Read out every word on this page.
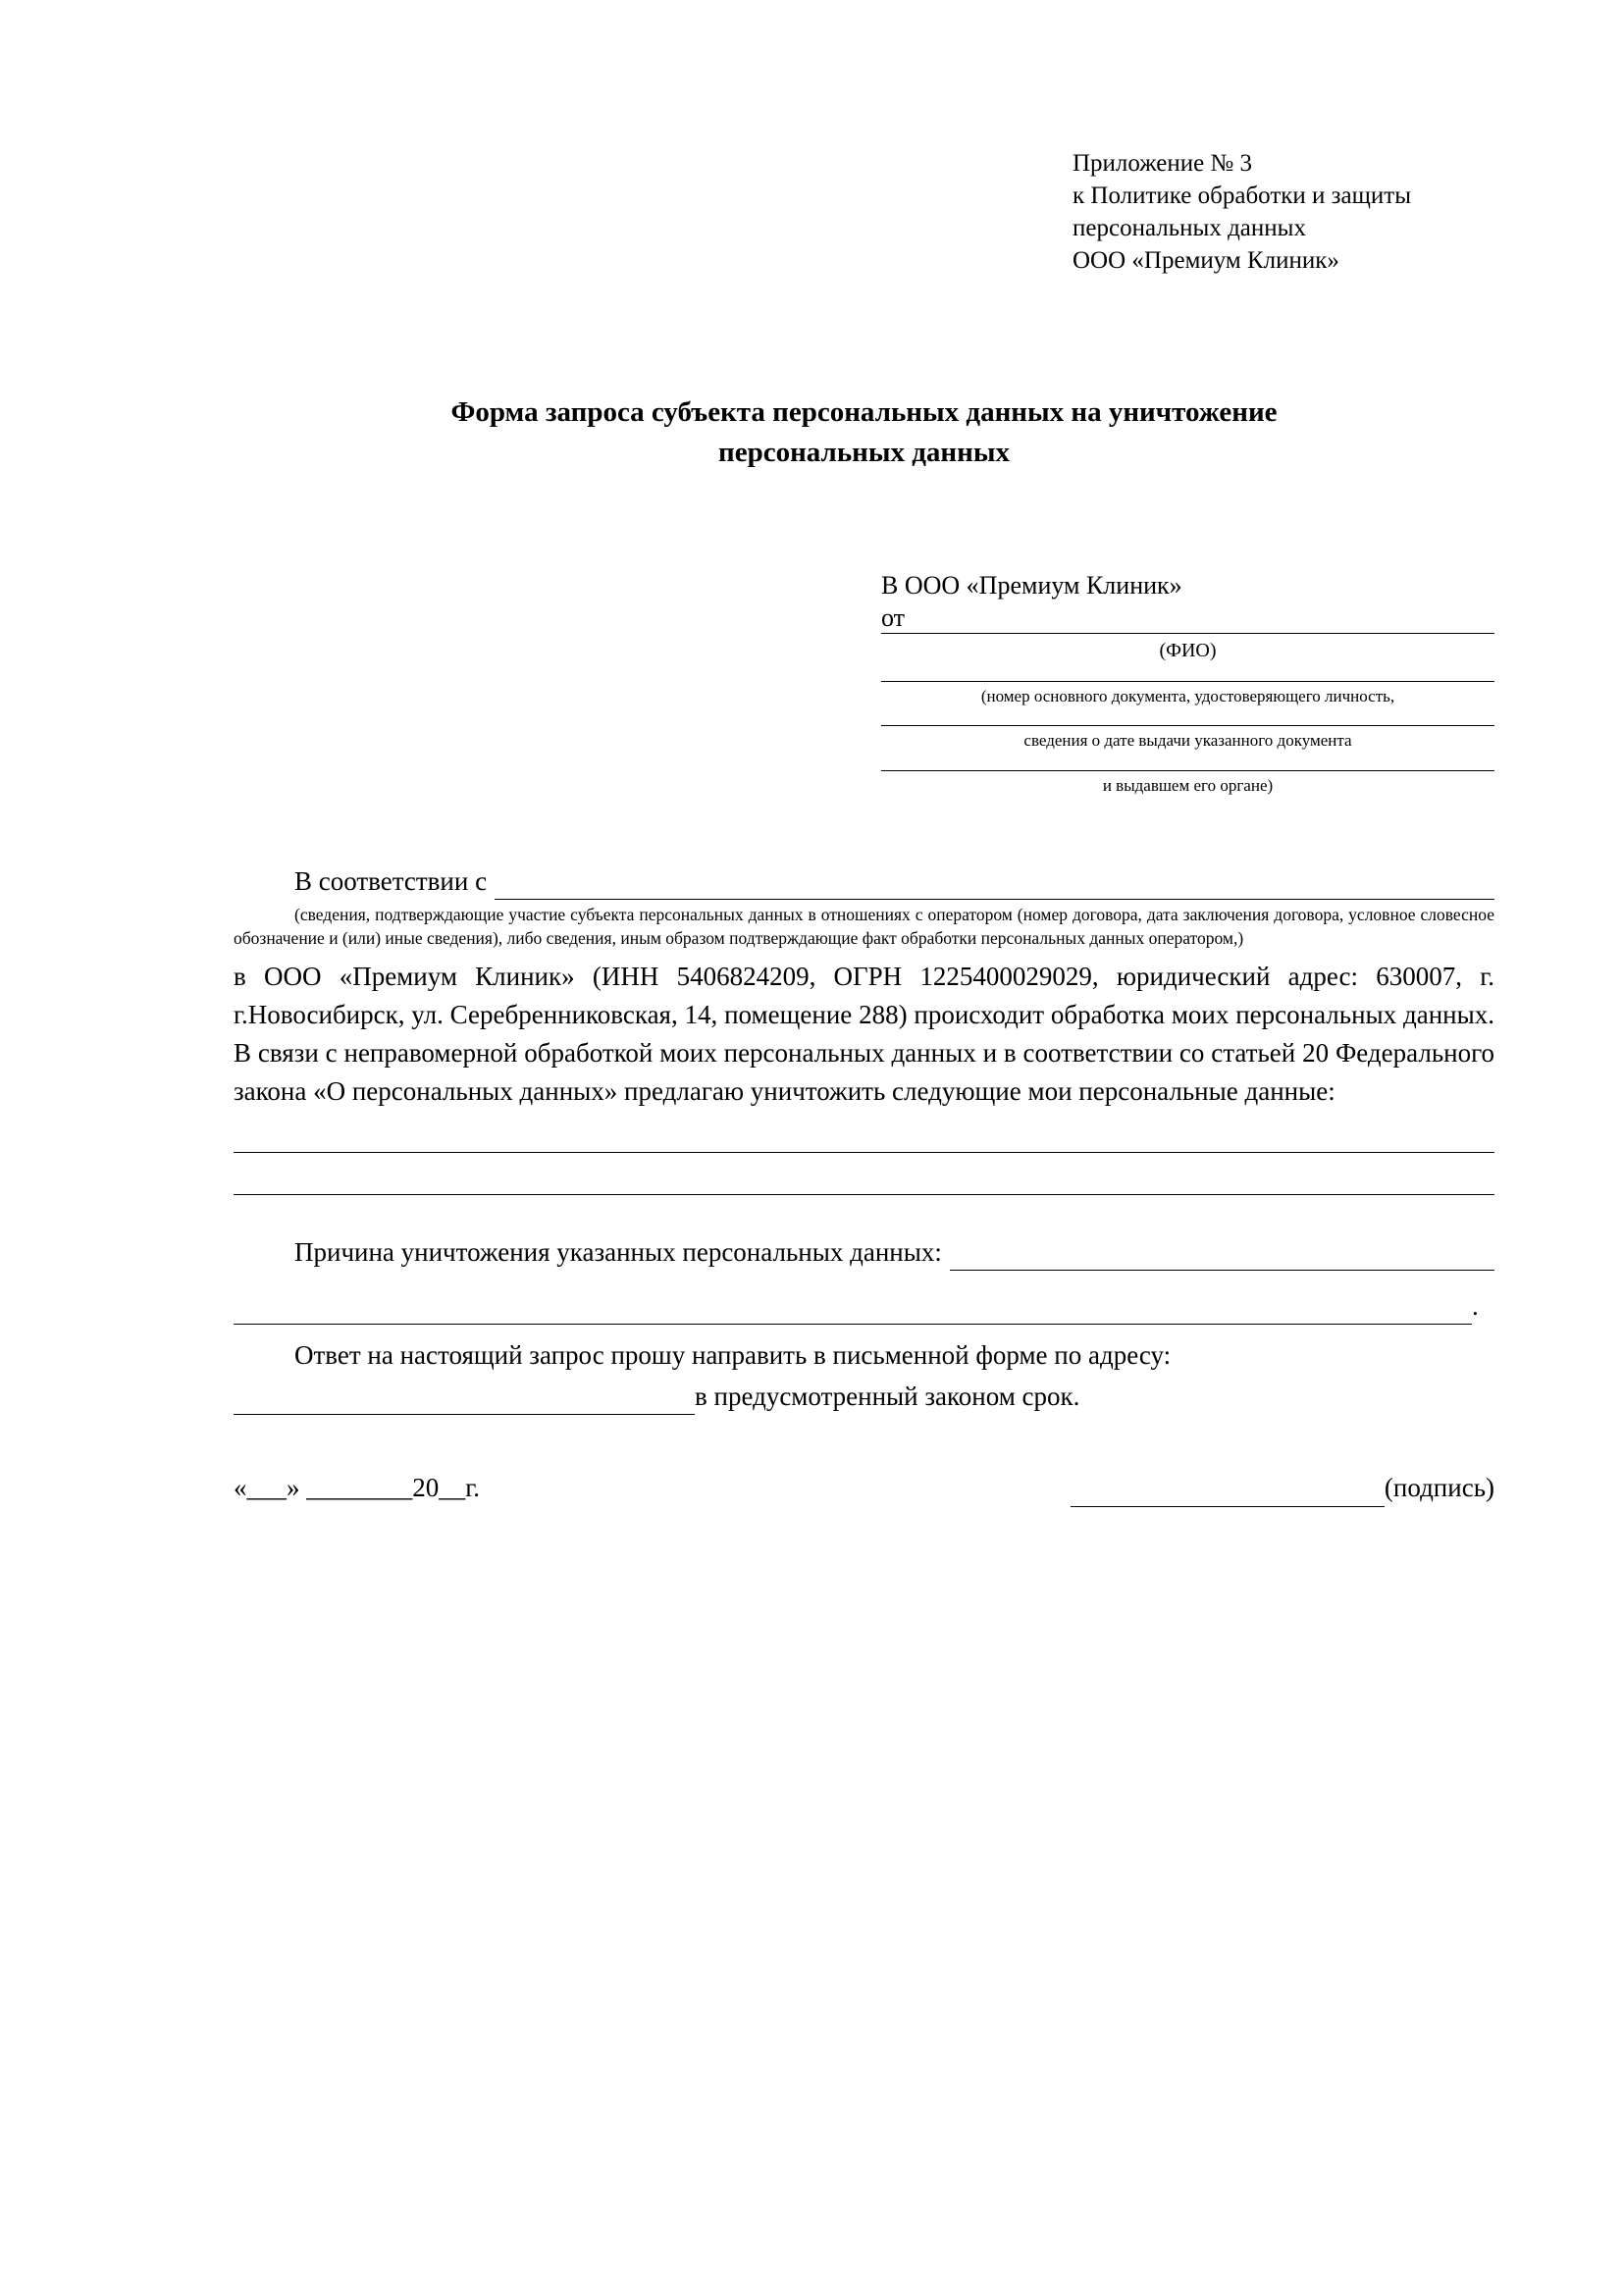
Приложение № 3
к Политике обработки и защиты
персональных данных
ООО «Премиум Клиник»
Форма запроса субъекта персональных данных на уничтожение
персональных данных
В ООО «Премиум Клиник»
от
(ФИО)
(номер основного документа, удостоверяющего личность,
сведения о дате выдачи указанного документа
и выдавшем его органе)
В соответствии с
(сведения, подтверждающие участие субъекта персональных данных в отношениях с оператором (номер договора, дата заключения договора, условное словесное обозначение и (или) иные сведения), либо сведения, иным образом подтверждающие факт обработки персональных данных оператором,)
в ООО «Премиум Клиник» (ИНН 5406824209, ОГРН 1225400029029, юридический адрес: 630007, г. г.Новосибирск, ул. Серебренниковская, 14, помещение 288) происходит обработка моих персональных данных. В связи с неправомерной обработкой моих персональных данных и в соответствии со статьей 20 Федерального закона «О персональных данных» предлагаю уничтожить следующие мои персональные данные:
Причина уничтожения указанных персональных данных:
.
Ответ на настоящий запрос прошу направить в письменной форме по адресу:
в предусмотренный законом срок.
«___» ________20__г.	(подпись)
